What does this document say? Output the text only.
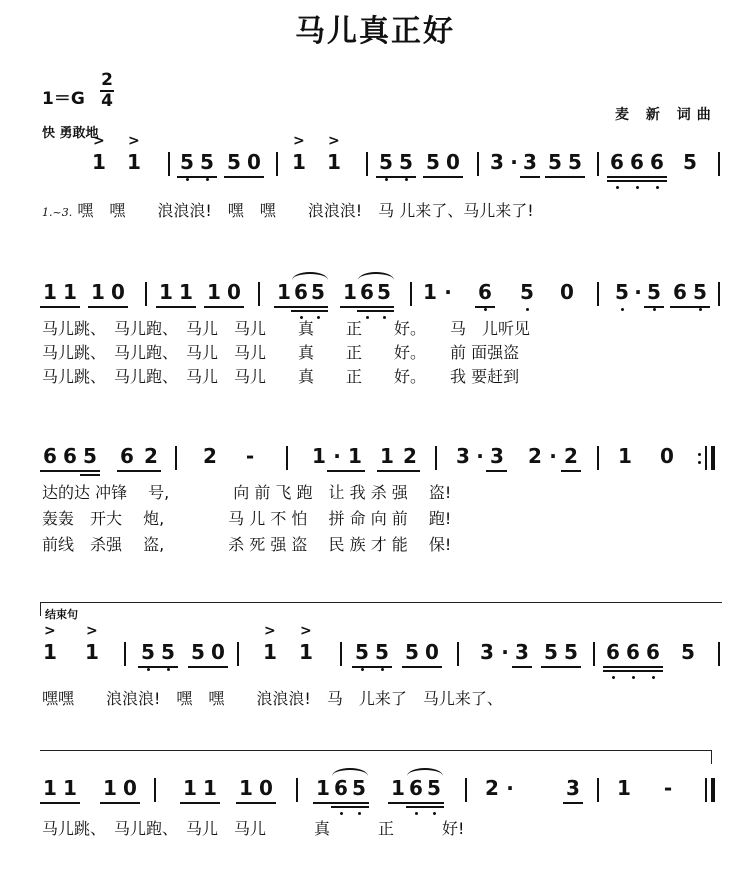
马儿真正好
1＝G
2
4
快 勇敢地
麦 新 词曲
1
>
1
>
5 5 5 0 1
>
1
>
5 5 5 0 3 · 3 5 5 6 6 6 5
1.~3. 嘿　嘿　　浪浪浪!　嘿　嘿　　浪浪浪!　马 儿来了、马儿来了!
1 1 1 0 1 1 1 0 1 6 5 1 6 5 1 ·	6 5 0 5 · 5 6 5
马儿跳、　马儿跑、　马儿　马儿　　真　　正　　好。　　马　儿听见
马儿跳、　马儿跑、　马儿　马儿　　真　　正　　好。　　前 面强盗
马儿跳、　马儿跑、　马儿　马儿　　真　　正　　好。　　我 要赶到
6 6 5 6 2 2 -	1 · 1 1 2 3 · 3 2 · 2 1 0
达的达 冲锋　 号,　　　　向 前 飞 跑　让 我 杀 强　 盗!
轰轰　开大　 炮,　　　　马 儿 不 怕　 拼 命 向 前　 跑!
前线　杀强　 盗,　　　　杀 死 强 盗　 民 族 才 能　 保!
结束句
1
>
1
>
5 5 5 0 1
>
1
>
5 5 5 0 3 · 3 5 5 6 6 6 5
嘿嘿　　浪浪浪!　嘿　嘿　　浪浪浪!　马　儿来了　马儿来了、
1 1 1 0 1 1 1 0 1 6 5 1 6 5 2 ·	3 1 -
马儿跳、　马儿跑、　马儿　马儿　　　真　　　正　　　好!
